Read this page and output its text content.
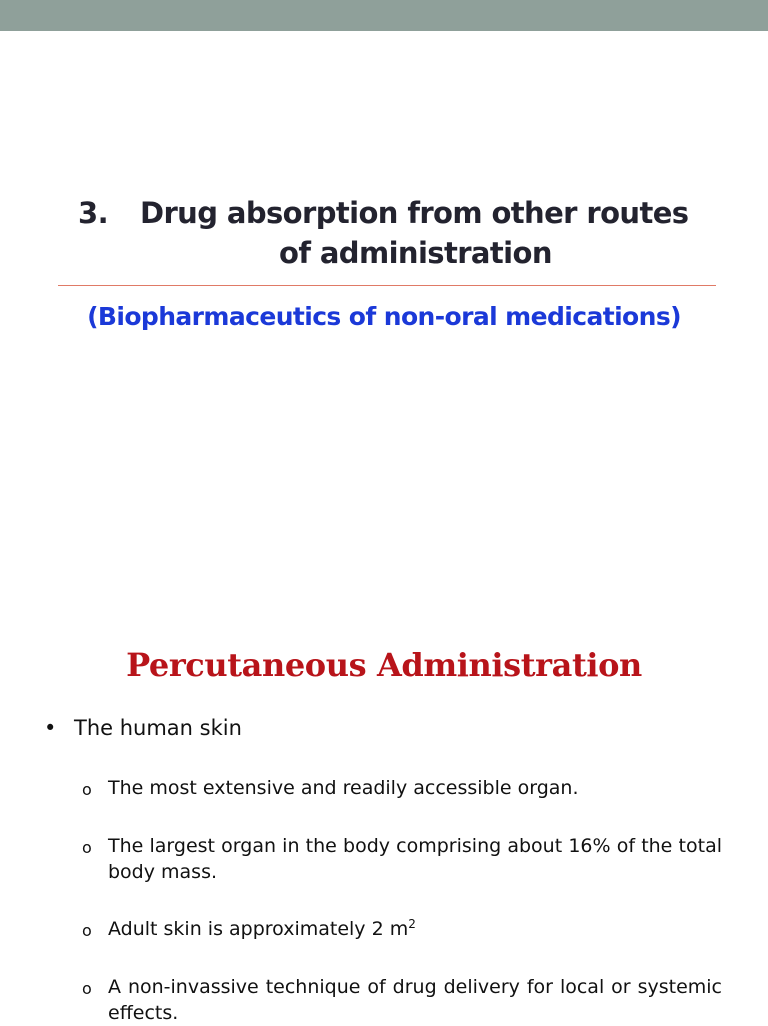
3. Drug absorption from other routes
of administration
(Biopharmaceutics of non-oral medications)
Percutaneous Administration
• The human skin
o The most extensive and readily accessible organ.
o The largest organ in the body comprising about 16% of the total body mass.
o Adult skin is approximately 2 $m^2$
o A non-invassive technique of drug delivery for local or systemic effects.
